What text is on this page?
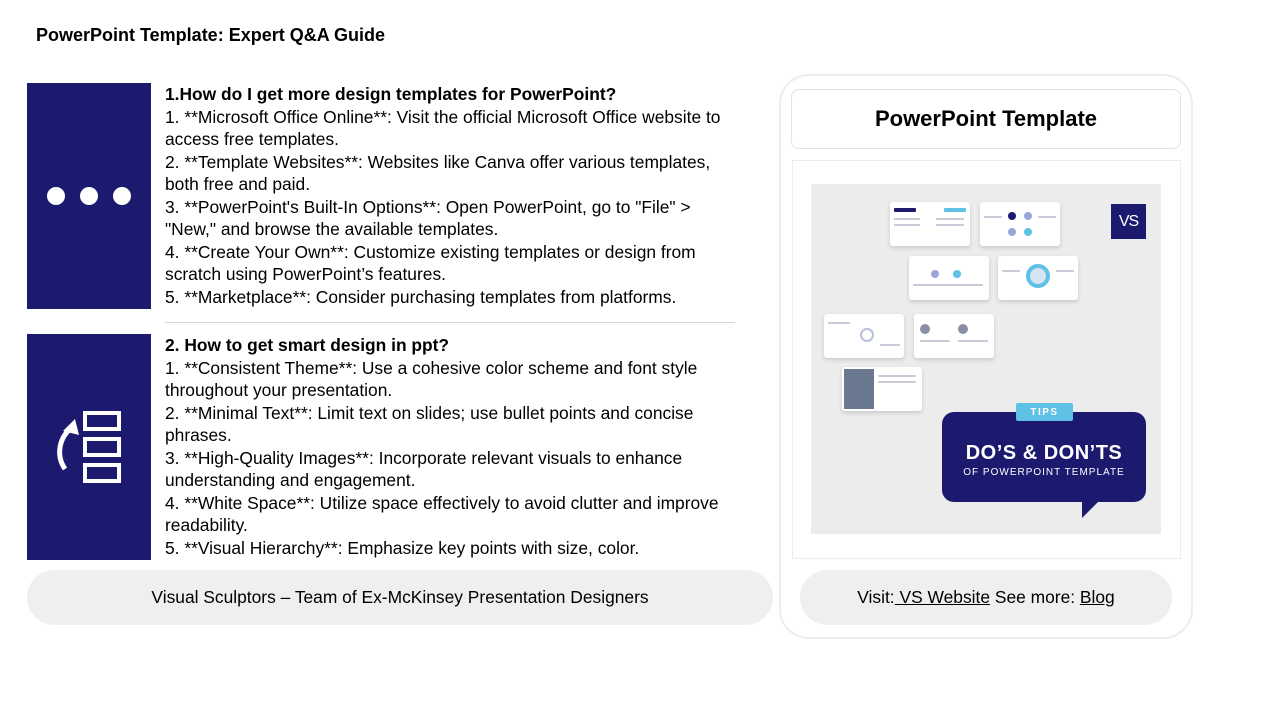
PowerPoint Template: Expert Q&A Guide
1.How do I get more design templates for PowerPoint?
1. **Microsoft Office Online**: Visit the official Microsoft Office website to access free templates.
2. **Template Websites**: Websites like Canva offer various templates, both free and paid.
3. **PowerPoint's Built-In Options**: Open PowerPoint, go to "File" > "New," and browse the available templates.
4. **Create Your Own**: Customize existing templates or design from scratch using PowerPoint’s features.
5. **Marketplace**: Consider purchasing templates from platforms.
2. How to get smart design in ppt?
1. **Consistent Theme**: Use a cohesive color scheme and font style throughout your presentation.
2. **Minimal Text**: Limit text on slides; use bullet points and concise phrases.
3. **High-Quality Images**: Incorporate relevant visuals to enhance understanding and engagement.
4. **White Space**: Utilize space effectively to avoid clutter and improve readability.
5. **Visual Hierarchy**: Emphasize key points with size, color.
Visual Sculptors – Team of Ex-McKinsey Presentation Designers
PowerPoint Template
VS
DO’S & DON’TS
OF POWERPOINT TEMPLATE
TIPS
Visit: VS Website See more: Blog
